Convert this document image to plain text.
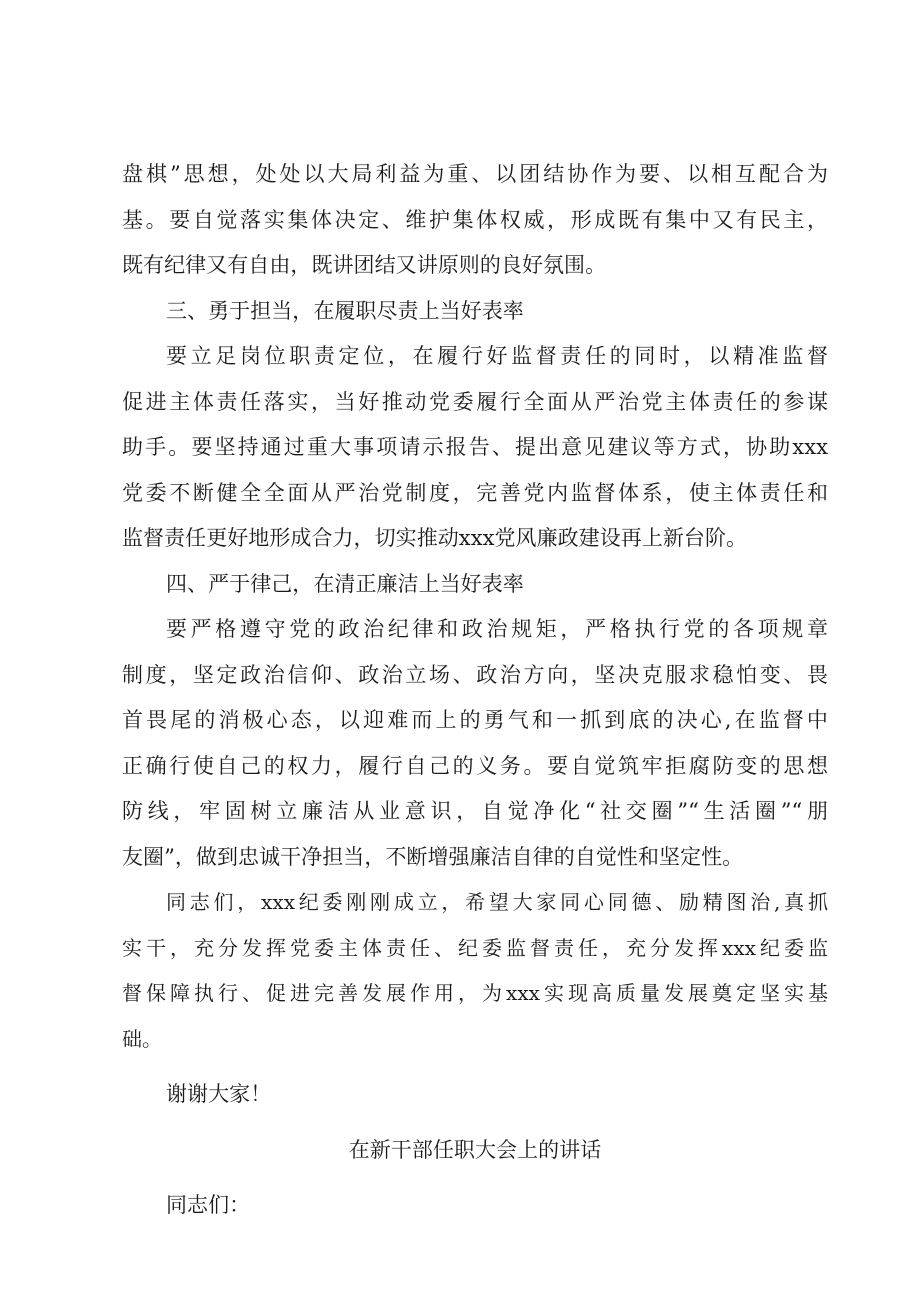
盘棋”思想，处处以大局利益为重、以团结协作为要、以相互配合为
基。要自觉落实集体决定、维护集体权威，形成既有集中又有民主，
既有纪律又有自由，既讲团结又讲原则的良好氛围。
三、勇于担当，在履职尽责上当好表率
要立足岗位职责定位，在履行好监督责任的同时，以精准监督
促进主体责任落实，当好推动党委履行全面从严治党主体责任的参谋
助手。要坚持通过重大事项请示报告、提出意见建议等方式，协助xxx
党委不断健全全面从严治党制度，完善党内监督体系，使主体责任和
监督责任更好地形成合力，切实推动xxx党风廉政建设再上新台阶。
四、严于律己，在清正廉洁上当好表率
要严格遵守党的政治纪律和政治规矩，严格执行党的各项规章
制度，坚定政治信仰、政治立场、政治方向，坚决克服求稳怕变、畏
首畏尾的消极心态，以迎难而上的勇气和一抓到底的决心,在监督中
正确行使自己的权力，履行自己的义务。要自觉筑牢拒腐防变的思想
防线，牢固树立廉洁从业意识，自觉净化“社交圈”“生活圈”“朋
友圈”，做到忠诚干净担当，不断增强廉洁自律的自觉性和坚定性。
同志们，xxx纪委刚刚成立，希望大家同心同德、励精图治,真抓
实干，充分发挥党委主体责任、纪委监督责任，充分发挥xxx纪委监
督保障执行、促进完善发展作用，为xxx实现高质量发展奠定坚实基
础。
谢谢大家！
在新干部任职大会上的讲话
同志们：
